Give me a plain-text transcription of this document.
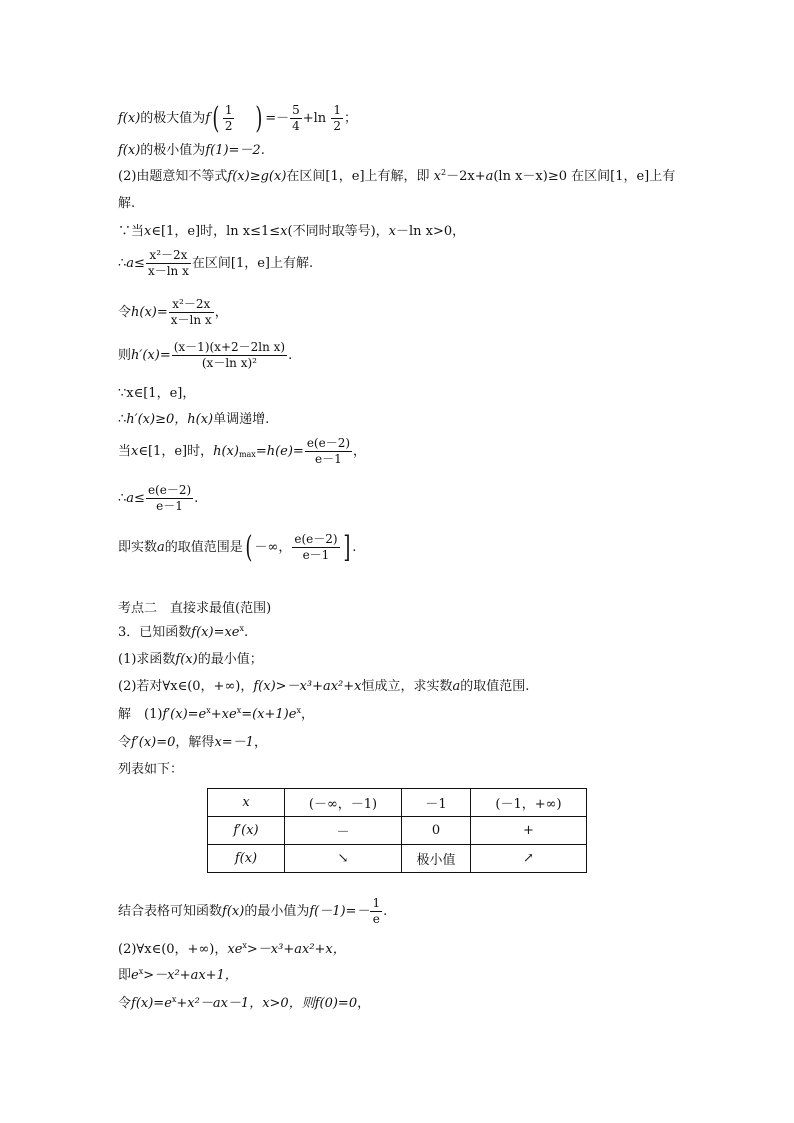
f(x)的极大值为$f( \frac{1}{2}$ ) =－ $\frac{5}{4} +\ln \frac{1}{2}$ ；
f(x)的极小值为f(1)=－2.
(2)由题意知不等式f(x)≥g(x)在区间[1，e]上有解，即 $x^2-2x+a(\ln$ x－x)≥0 在区间[1，e]上有
解.
∵当x∈[1，e]时，ln x≤1≤x(不同时取等号)，x－ln x>0，
∴a≤ $\frac{\text{x²－2x}}{\text{x－ln x}}$ 在区间[1，e]上有解.
令$h(x)= \frac{\text{x²－2x}}{\text{x－ln x}}$ ，
则$h'(x)= \frac{\text{(x－1)(x+2－2ln x)}}{\text{(x－ln x)²}}$ .
∵x∈[1，e]，
∴h′(x)≥0，h(x)单调递增.
当x∈[1，e]时，$h(x)_{max}=h(e)= \frac{e(e-2)}{e-1}$ ，
∴a≤ $\frac{e(e-2)}{e-1}$ .
即实数a的取值范围是( －∞， $\frac{e(e-2)}{e-1}$ ] .
考点二　直接求最值(范围)
3．已知函数$f(x)=xe^x$.
(1)求函数f(x)的最小值；
(2)若对∀x∈(0，+∞)，f(x)>－x³+ax²+x恒成立，求实数a的取值范围.
解　$(1)f'(x)=e^x+xe^x=(x+1)e^x$，
令f′(x)=0，解得x=－1，
列表如下：
x	(－∞，－1)	－1	(－1，+∞)
f′(x)	－	0	+
f(x)	↘	极小值	↗
结合表格可知函数f(x)的最小值为$f(-1)=- \frac{1}{e}$ .
(2)∀x∈(0，+∞)，$xe^x>-x^3+ax^2+x$，
即$e^x>-x^2+ax+1$，
令$f(x)=e^x+x^2-ax-1$，x>0，则f(0)=0，
